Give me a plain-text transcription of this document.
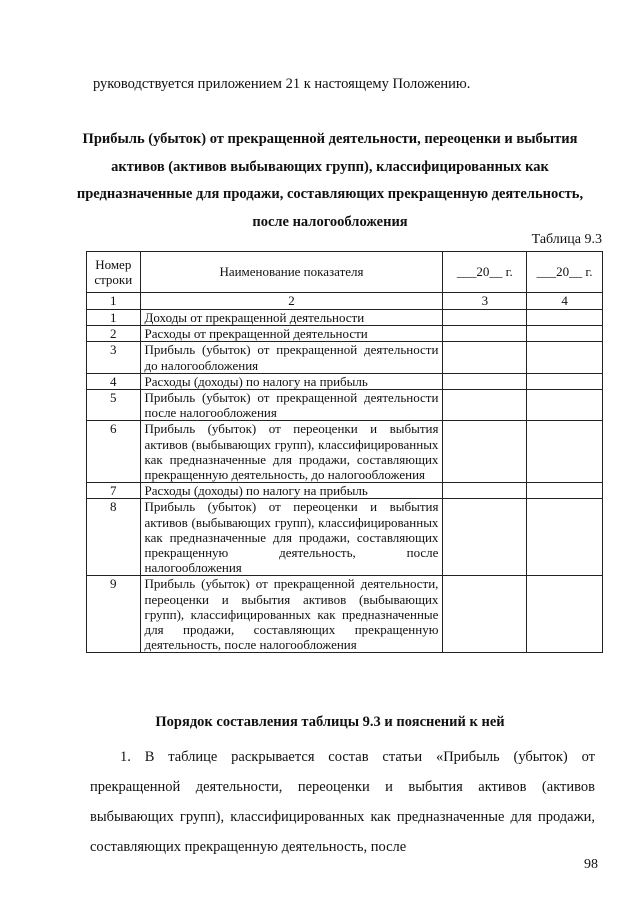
руководствуется приложением 21 к настоящему Положению.
Прибыль (убыток) от прекращенной деятельности, переоценки и выбытия активов (активов выбывающих групп), классифицированных как предназначенные для продажи, составляющих прекращенную деятельность, после налогообложения
Таблица 9.3
Номер строки	Наименование показателя	___20__ г.	___20__ г.
1	2	3	4
1	Доходы от прекращенной деятельности		
2	Расходы от прекращенной деятельности		
3	Прибыль (убыток) от прекращенной деятельности до налогообложения		
4	Расходы (доходы) по налогу на прибыль		
5	Прибыль (убыток) от прекращенной деятельности после налогообложения		
6	Прибыль (убыток) от переоценки и выбытия активов (выбывающих групп), классифицированных как предназначенные для продажи, составляющих прекращенную деятельность, до налогообложения		
7	Расходы (доходы) по налогу на прибыль		
8	Прибыль (убыток) от переоценки и выбытия активов (выбывающих групп), классифицированных как предназначенные для продажи, составляющих прекращенную деятельность, после налогообложения		
9	Прибыль (убыток) от прекращенной деятельности, переоценки и выбытия активов (выбывающих групп), классифицированных как предназначенные для продажи, составляющих прекращенную деятельность, после налогообложения		
Порядок составления таблицы 9.3 и пояснений к ней
1. В таблице раскрывается состав статьи «Прибыль (убыток) от прекращенной деятельности, переоценки и выбытия активов (активов выбывающих групп), классифицированных как предназначенные для продажи, составляющих прекращенную деятельность, после
98
